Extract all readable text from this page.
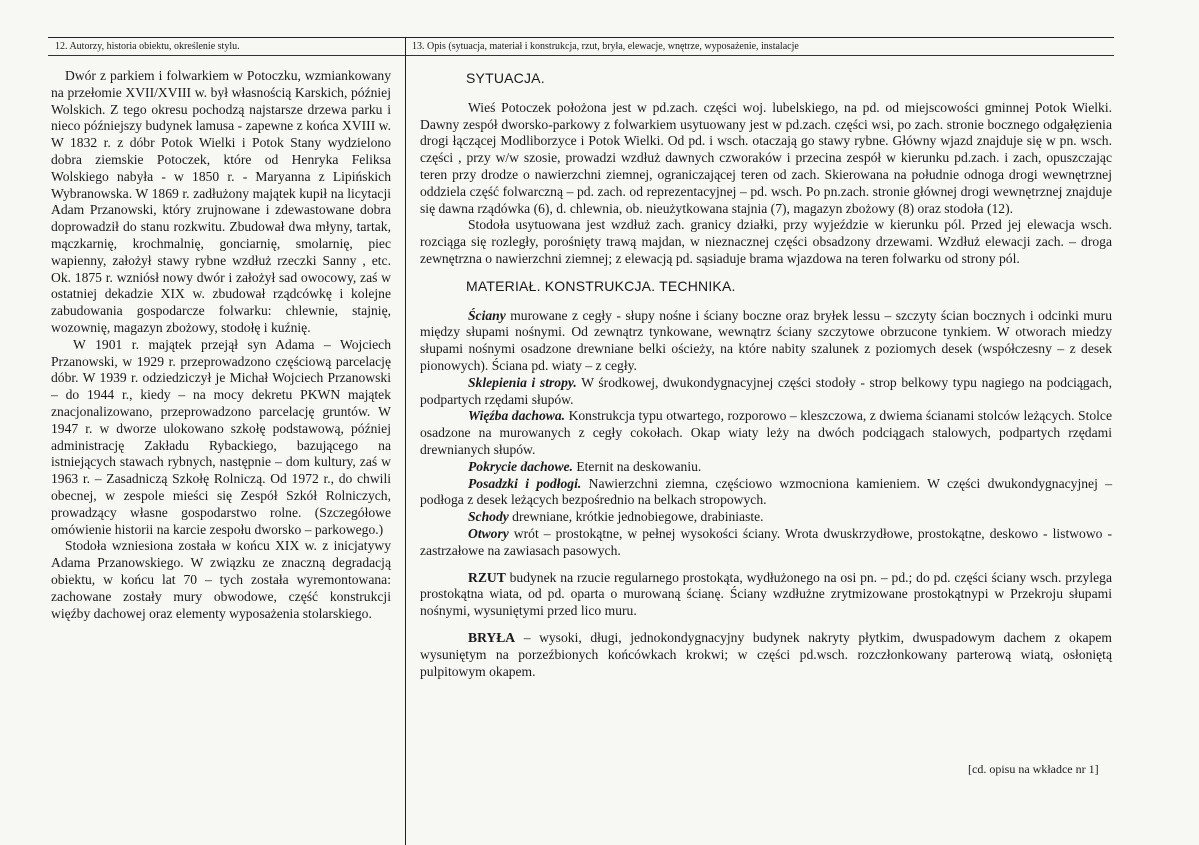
12. Autorzy, historia obiektu, określenie stylu.	13. Opis (sytuacja, materiał i konstrukcja, rzut, bryła, elewacje, wnętrze, wyposażenie, instalacje

Dwór z parkiem i folwarkiem w Potoczku, wzmiankowany na przełomie XVII/XVIII w. był własnością Karskich, później Wolskich. Z tego okresu pochodzą najstarsze drzewa parku i nieco późniejszy budynek lamusa - zapewne z końca XVIII w. W 1832 r. z dóbr Potok Wielki i Potok Stany wydzielono dobra ziemskie Potoczek, które od Henryka Feliksa Wolskiego nabyła - w 1850 r. - Maryanna z Lipińskich Wybranowska. W 1869 r. zadłużony majątek kupił na licytacji Adam Przanowski, który zrujnowane i zdewastowane dobra doprowadził do stanu rozkwitu. Zbudował dwa młyny, tartak, mączkarnię, krochmalnię, gonciarnię, smolarnię, piec wapienny, założył stawy rybne wzdłuż rzeczki Sanny , etc. Ok. 1875 r. wzniósł nowy dwór i założył sad owocowy, zaś w ostatniej dekadzie XIX w. zbudował rządcówkę i kolejne zabudowania gospodarcze folwarku: chlewnie, stajnię, wozownię, magazyn zbożowy, stodołę i kuźnię.

W 1901 r. majątek przejął syn Adama – Wojciech Przanowski, w 1929 r. przeprowadzono częściową parcelację dóbr. W 1939 r. odziedziczył je Michał Wojciech Przanowski – do 1944 r., kiedy – na mocy dekretu PKWN majątek znacjonalizowano, przeprowadzono parcelację gruntów. W 1947 r. w dworze ulokowano szkołę podstawową, później administrację Zakładu Rybackiego, bazującego na istniejących stawach rybnych, następnie – dom kultury, zaś w 1963 r. – Zasadniczą Szkołę Rolniczą. Od 1972 r., do chwili obecnej, w zespole mieści się Zespół Szkół Rolniczych, prowadzący własne gospodarstwo rolne. (Szczegółowe omówienie historii na karcie zespołu dworsko – parkowego.)

Stodoła wzniesiona została w końcu XIX w. z inicjatywy Adama Przanowskiego. W związku ze znaczną degradacją obiektu, w końcu lat 70 – tych została wyremontowana: zachowane zostały mury obwodowe, część konstrukcji więźby dachowej oraz elementy wyposażenia stolarskiego.

SYTUACJA.

Wieś Potoczek położona jest w pd.zach. części woj. lubelskiego, na pd. od miejscowości gminnej Potok Wielki. Dawny zespół dworsko-parkowy z folwarkiem usytuowany jest w pd.zach. części wsi, po zach. stronie bocznego odgałęzienia drogi łączącej Modliborzyce i Potok Wielki. Od pd. i wsch. otaczają go stawy rybne. Główny wjazd znajduje się w pn. wsch. części , przy w/w szosie, prowadzi wzdłuż dawnych czworaków i przecina zespół w kierunku pd.zach. i zach, opuszczając teren przy drodze o nawierzchni ziemnej, ograniczającej teren od zach. Skierowana na południe odnoga drogi wewnętrznej oddziela część folwarczną – pd. zach. od reprezentacyjnej – pd. wsch. Po pn.zach. stronie głównej drogi wewnętrznej znajduje się dawna rządówka (6), d. chlewnia, ob. nieużytkowana stajnia (7), magazyn zbożowy (8) oraz stodoła (12).

Stodoła usytuowana jest wzdłuż zach. granicy działki, przy wyjeździe w kierunku pól. Przed jej elewacja wsch. rozciąga się rozległy, porośnięty trawą majdan, w nieznacznej części obsadzony drzewami. Wzdłuż elewacji zach. – droga zewnętrzna o nawierzchni ziemnej; z elewacją pd. sąsiaduje brama wjazdowa na teren folwarku od strony pól.

MATERIAŁ. KONSTRUKCJA. TECHNIKA.

Ściany murowane z cegły - słupy nośne i ściany boczne oraz bryłek lessu – szczyty ścian bocznych i odcinki muru między słupami nośnymi. Od zewnątrz tynkowane, wewnątrz ściany szczytowe obrzucone tynkiem. W otworach miedzy słupami nośnymi osadzone drewniane belki ościeży, na które nabity szalunek z poziomych desek (współczesny – z desek pionowych). Ściana pd. wiaty – z cegły.

Sklepienia i stropy. W środkowej, dwukondygnacyjnej części stodoły - strop belkowy typu nagiego na podciągach, podpartych rzędami słupów.

Więźba dachowa. Konstrukcja typu otwartego, rozporowo – kleszczowa, z dwiema ścianami stolców leżących. Stolce osadzone na murowanych z cegły cokołach. Okap wiaty leży na dwóch podciągach stalowych, podpartych rzędami drewnianych słupów.

Pokrycie dachowe. Eternit na deskowaniu.

Posadzki i podłogi. Nawierzchni ziemna, częściowo wzmocniona kamieniem. W części dwukondygnacyjnej – podłoga z desek leżących bezpośrednio na belkach stropowych.

Schody drewniane, krótkie jednobiegowe, drabiniaste.

Otwory wrót – prostokątne, w pełnej wysokości ściany. Wrota dwuskrzydłowe, prostokątne, deskowo - listwowo - zastrzałowe na zawiasach pasowych.

RZUT budynek na rzucie regularnego prostokąta, wydłużonego na osi pn. – pd.; do pd. części ściany wsch. przylega prostokątna wiata, od pd. oparta o murowaną ścianę. Ściany wzdłużne zrytmizowane prostokątnypi w Przekroju słupami nośnymi, wysuniętymi przed lico muru.

BRYŁA – wysoki, długi, jednokondygnacyjny budynek nakryty płytkim, dwuspadowym dachem z okapem wysuniętym na porzeźbionych końcówkach krokwi; w części pd.wsch. rozczłonkowany parterową wiatą, osłoniętą pulpitowym okapem.

[cd. opisu na wkładce nr 1]
